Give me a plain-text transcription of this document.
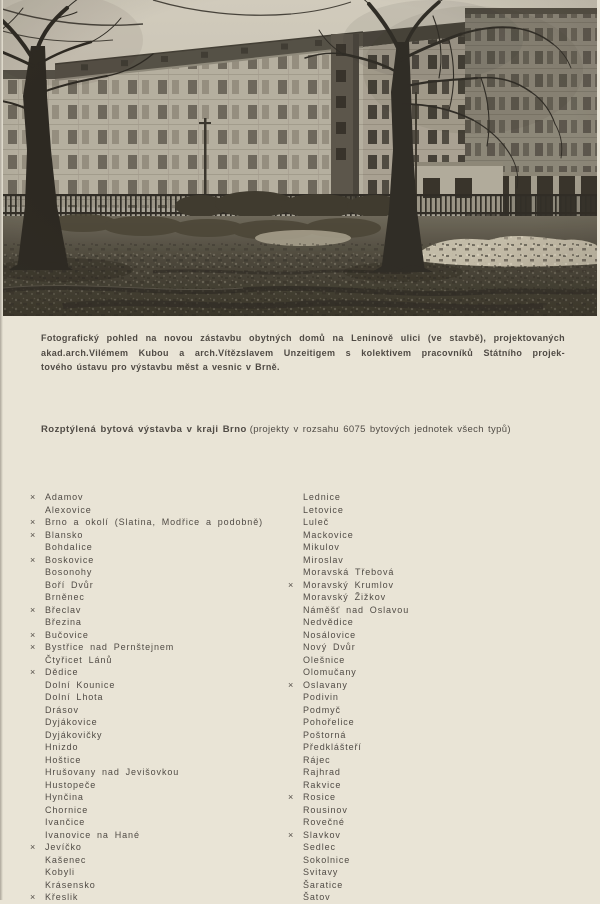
Fotografický pohled na novou zástavbu obytných domů na Leninově ulici (ve stavbě), projektovaných
akad.arch.Vilémem Kubou a arch.Vítězslavem Unzeitigem s kolektivem pracovníků Státního projek-
tového ústavu pro výstavbu měst a vesnic v Brně.
Rozptýlená bytová výstavba v kraji Brno (projekty v rozsahu 6075 bytových jednotek všech typů)
×	Adamov	Lednice
Alexovice	Letovice
×	Brno a okolí (Slatina, Modřice a podobně)	Luleč
×	Blansko	Mackovice
Bohdalice	Mikulov
×	Boskovice	Miroslav
Bosonohy	Moravská Třebová
Boří Dvůr	×	Moravský Krumlov
Brněnec	Moravský Žižkov
×	Břeclav	Náměšť nad Oslavou
Březina	Nedvědice
×	Bučovice	Nosálovice
×	Bystřice nad Pernštejnem	Nový Dvůr
Čtyřicet Lánů	Olešnice
×	Dědice	Olomučany
Dolní Kounice	×	Oslavany
Dolní Lhota	Podivin
Drásov	Podmyč
Dyjákovice	Pohořelice
Dyjákovičky	Poštorná
Hnizdo	Předklášteří
Hoštice	Rájec
Hrušovany nad Jevišovkou	Rajhrad
Hustopeče	Rakvice
Hynčina	×	Rosice
Chornice	Rousinov
Ivančice	Rovečné
Ivanovice na Hané	×	Slavkov
×	Jevíčko	Sedlec
Kašenec	Sokolnice
Kobyli	Svitavy
Krásensko	Šaratice
×	Křeslik	Šatov
